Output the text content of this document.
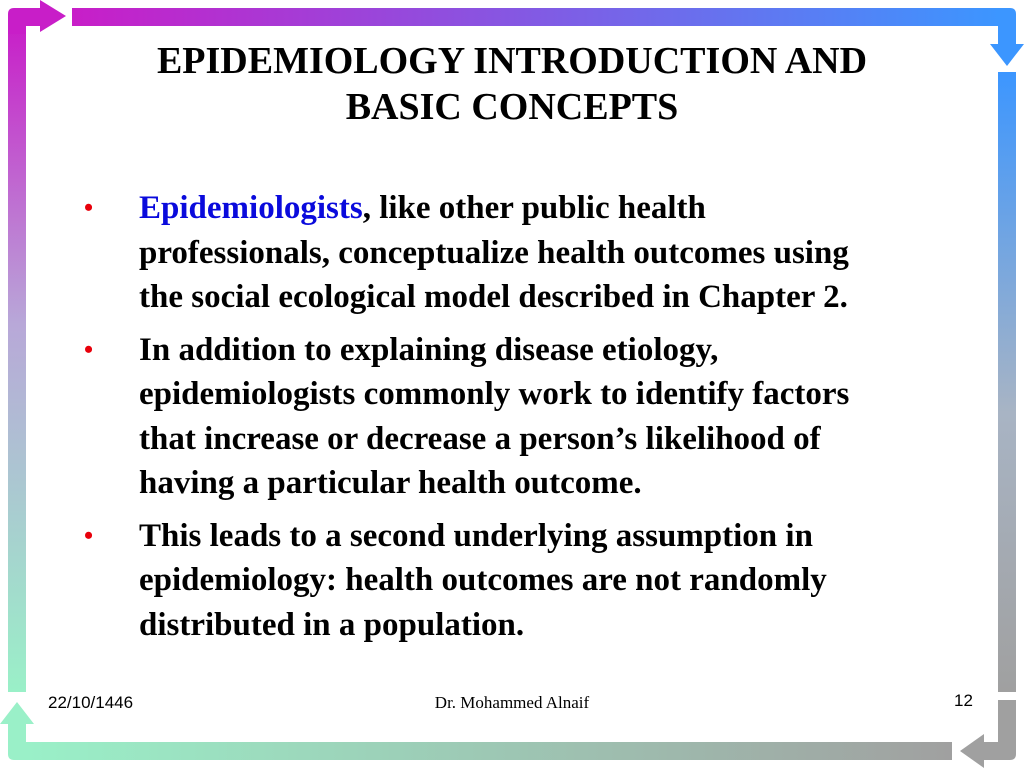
EPIDEMIOLOGY INTRODUCTION AND
BASIC CONCEPTS
• Epidemiologists, like other public health
professionals, conceptualize health outcomes using
the social ecological model described in Chapter 2.
• In addition to explaining disease etiology,
epidemiologists commonly work to identify factors
that increase or decrease a person’s likelihood of
having a particular health outcome.
• This leads to a second underlying assumption in
epidemiology: health outcomes are not randomly
distributed in a population.
22/10/1446	Dr. Mohammed Alnaif	12
